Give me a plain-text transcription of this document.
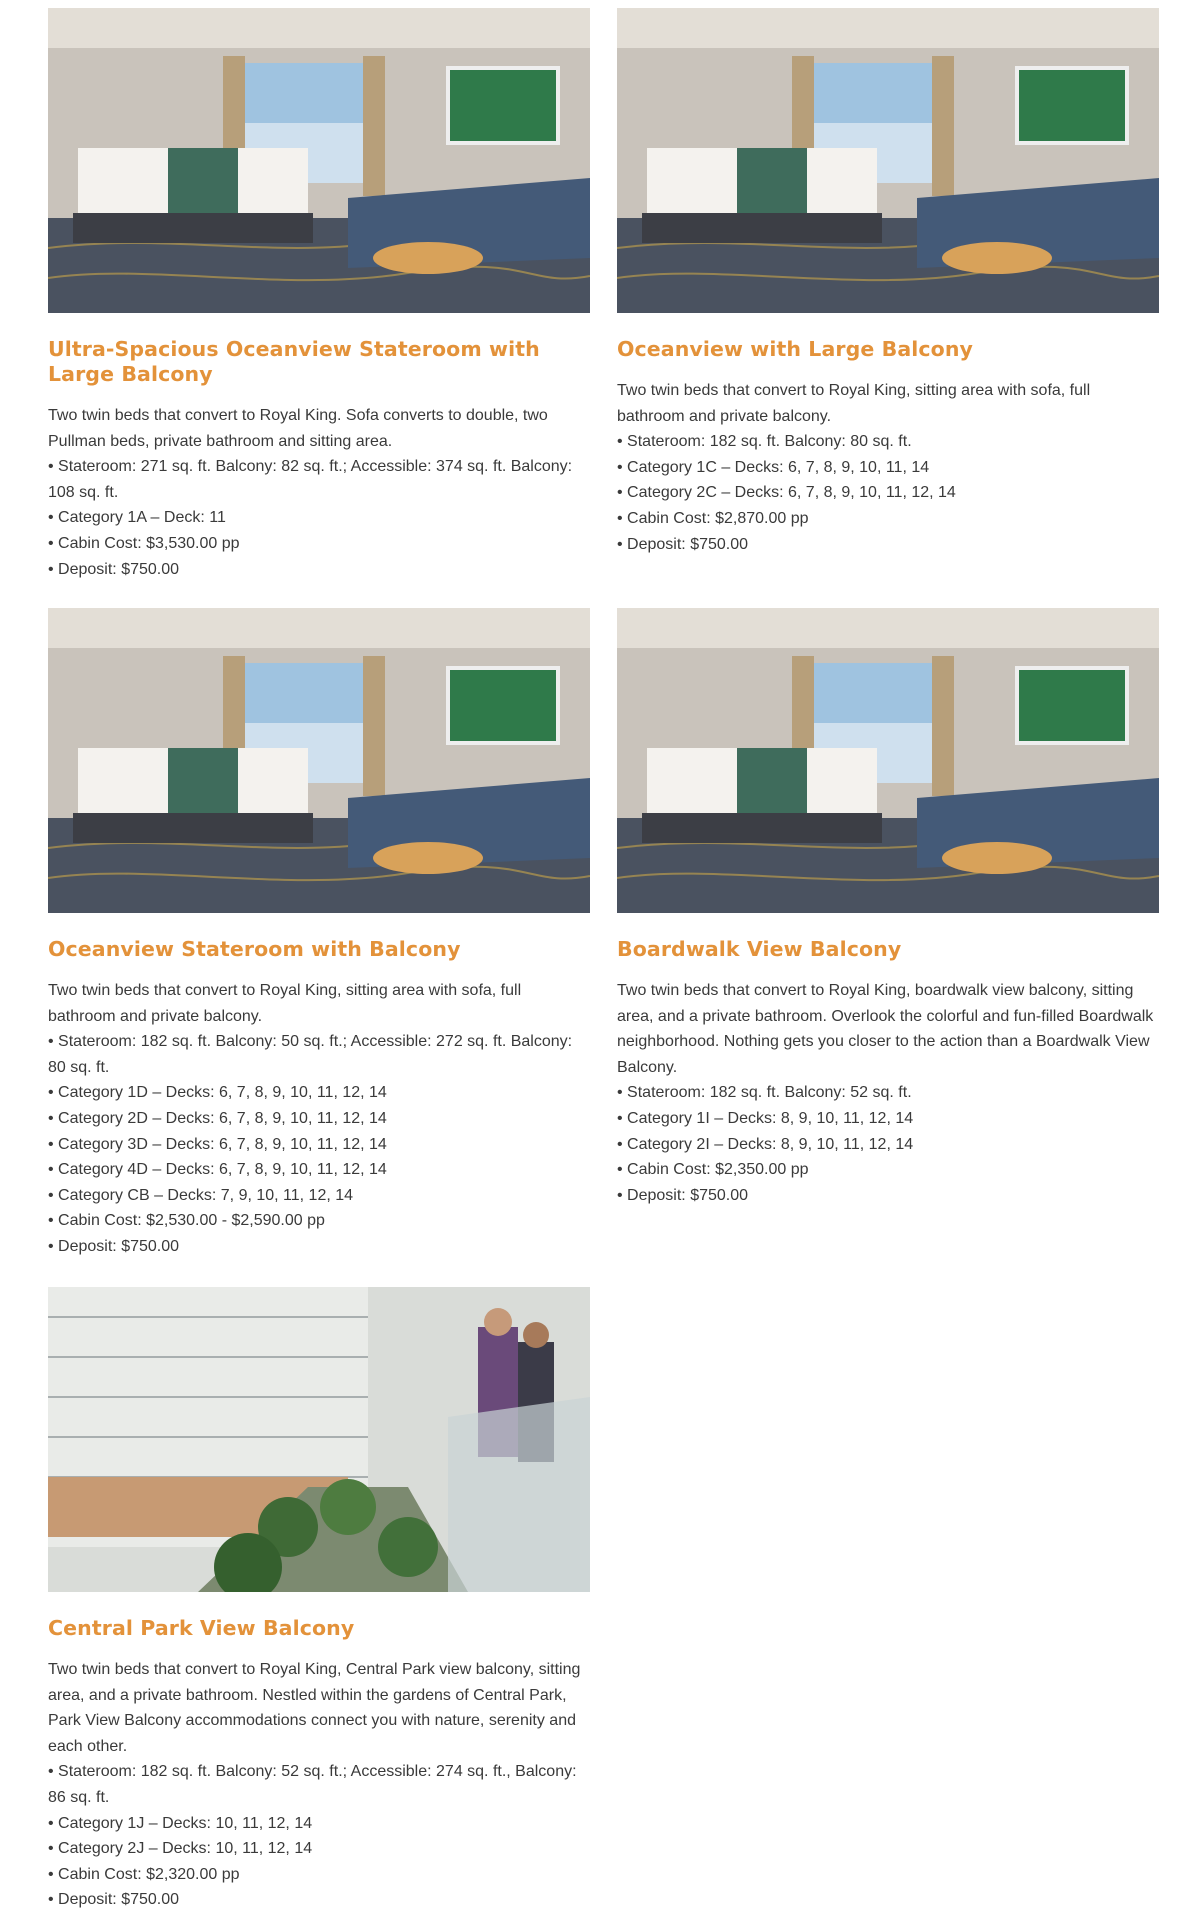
Ultra-Spacious Oceanview Stateroom with Large Balcony
Two twin beds that convert to Royal King. Sofa converts to double, two Pullman beds, private bathroom and sitting area.
• Stateroom: 271 sq. ft. Balcony: 82 sq. ft.; Accessible: 374 sq. ft. Balcony: 108 sq. ft.
• Category 1A – Deck: 11
• Cabin Cost: $3,530.00 pp
• Deposit: $750.00
Oceanview with Large Balcony
Two twin beds that convert to Royal King, sitting area with sofa, full bathroom and private balcony.
• Stateroom: 182 sq. ft. Balcony: 80 sq. ft.
• Category 1C – Decks: 6, 7, 8, 9, 10, 11, 14
• Category 2C – Decks: 6, 7, 8, 9, 10, 11, 12, 14
• Cabin Cost: $2,870.00 pp
• Deposit: $750.00
Oceanview Stateroom with Balcony
Two twin beds that convert to Royal King, sitting area with sofa, full bathroom and private balcony.
• Stateroom: 182 sq. ft. Balcony: 50 sq. ft.; Accessible: 272 sq. ft. Balcony: 80 sq. ft.
• Category 1D – Decks: 6, 7, 8, 9, 10, 11, 12, 14
• Category 2D – Decks: 6, 7, 8, 9, 10, 11, 12, 14
• Category 3D – Decks: 6, 7, 8, 9, 10, 11, 12, 14
• Category 4D – Decks: 6, 7, 8, 9, 10, 11, 12, 14
• Category CB – Decks: 7, 9, 10, 11, 12, 14
• Cabin Cost: $2,530.00 - $2,590.00 pp
• Deposit: $750.00
Boardwalk View Balcony
Two twin beds that convert to Royal King, boardwalk view balcony, sitting area, and a private bathroom. Overlook the colorful and fun-filled Boardwalk neighborhood. Nothing gets you closer to the action than a Boardwalk View Balcony.
• Stateroom: 182 sq. ft. Balcony: 52 sq. ft.
• Category 1I – Decks: 8, 9, 10, 11, 12, 14
• Category 2I – Decks: 8, 9, 10, 11, 12, 14
• Cabin Cost: $2,350.00 pp
• Deposit: $750.00
Central Park View Balcony
Two twin beds that convert to Royal King, Central Park view balcony, sitting area, and a private bathroom. Nestled within the gardens of Central Park, Park View Balcony accommodations connect you with nature, serenity and each other.
• Stateroom: 182 sq. ft. Balcony: 52 sq. ft.; Accessible: 274 sq. ft., Balcony: 86 sq. ft.
• Category 1J – Decks: 10, 11, 12, 14
• Category 2J – Decks: 10, 11, 12, 14
• Cabin Cost: $2,320.00 pp
• Deposit: $750.00
